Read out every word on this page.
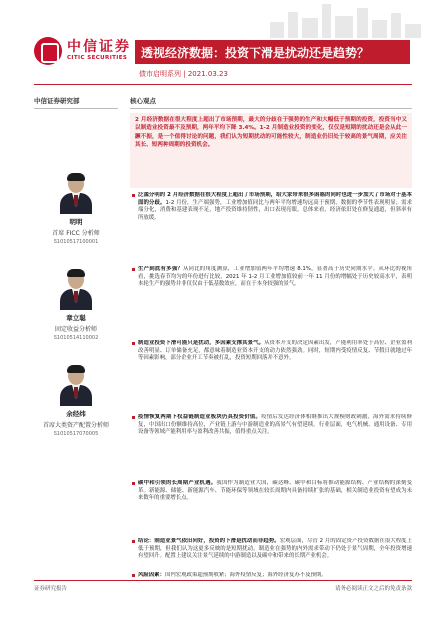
中信证券
CITIC SECURITIES 透视经济数据：投资下滑是扰动还是趋势？
债市启明系列 | 2021.03.23
中信证券研究部
明明
首席 FICC 分析师
S1010517100001
章立聪
固定收益分析师
S1010514110002
余经纬
首席大类资产配置分析师
S1010517070005
核心观点
2 月经济数据在很大程度上超出了市场预期，最大的分歧在于强势的生产和大幅低于预期的投资，投资当中又以制造业投资最不及预期，两年平均下降 3.4%。1-2 月制造业投资的变化，仅仅是短期的扰动还是会从此一蹶不振，是一个值得讨论的问题，我们认为短期扰动的可能性较大，制造业仍旧处于较高的景气周期，应关注其长、短两种周期的投资机会。
泛滥分明的 2 月经济数据在很大程度上超出了市场预期，给大家带来很多困惑的同时也进一步加大了市场对于基本面的分歧。1-2 月份，生产端强势，工业增加值同比与两年平均增速均远高于预期，数据的季节性表现明显；需求端分化，消费和基建表现不足，地产投资维持韧性，出口表现亮眼。总体来看，经济依旧处在修复通道，但斜率有所放缓。
生产到底有多强？从同比的角度测算，工业增加值两年平均增速 8.1%，显著高于历史同期水平。从环比的视角看，挑选春节均匀的年份进行比较，2021 年 1-2 月工业增加值较前一年 11 月份的增幅处于历史较高水平，表明本轮生产的强势并非仅仅由于低基数效应，而在于本身较强的景气。
制造业投资下滑可能只是扰动，多因素支撑其景气。从资本开支的决定因素出发，产能利用率处于高位、企业盈利改善明显、订单储备充足，都意味着制造业资本开支的动力依然强劲。同时，短期内受疫情反复、节假日就地过年等因素影响，部分企业开工节奏被打乱，投资短期回落并不意外。
疫情恢复两期下权益链制造业板块仍具投资价值。疫情后发达经济体相继推出大规模财政刺激，海外需求持续修复，中国出口份额维持高位，产业链上游与中游制造业的高景气有望延续。行业层面，电气机械、通用设备、专用设备等领域产能利用率与盈利改善共振，值得重点关注。
碳中和引领的长周期产业机遇。我国作为制造业大国，碳达峰、碳中和目标将推动能源结构、产业结构的深刻变革。新能源、储能、新能源汽车、节能环保等领域在较长周期内具备持续扩张的基础，相关制造业投资有望成为未来数年的重要增长点。
结论：制造业景气依旧向好，投资的下滑是扰动而非趋势。宏观层面，尽管 2 月的固定资产投资数据在很大程度上低于预期，但我们认为这更多反映的是短期扰动，制造业在强势的内外需求带动下仍处于景气周期，全年投资增速有望回升。配置上建议关注景气延续的中游制造以及碳中和带来的长期产业机会。
风险因素：国内宏观政策超预期收紧；海外疫情反复；海外经济复苏不及预期。
证券研究报告	请务必阅读正文之后的免责条款
